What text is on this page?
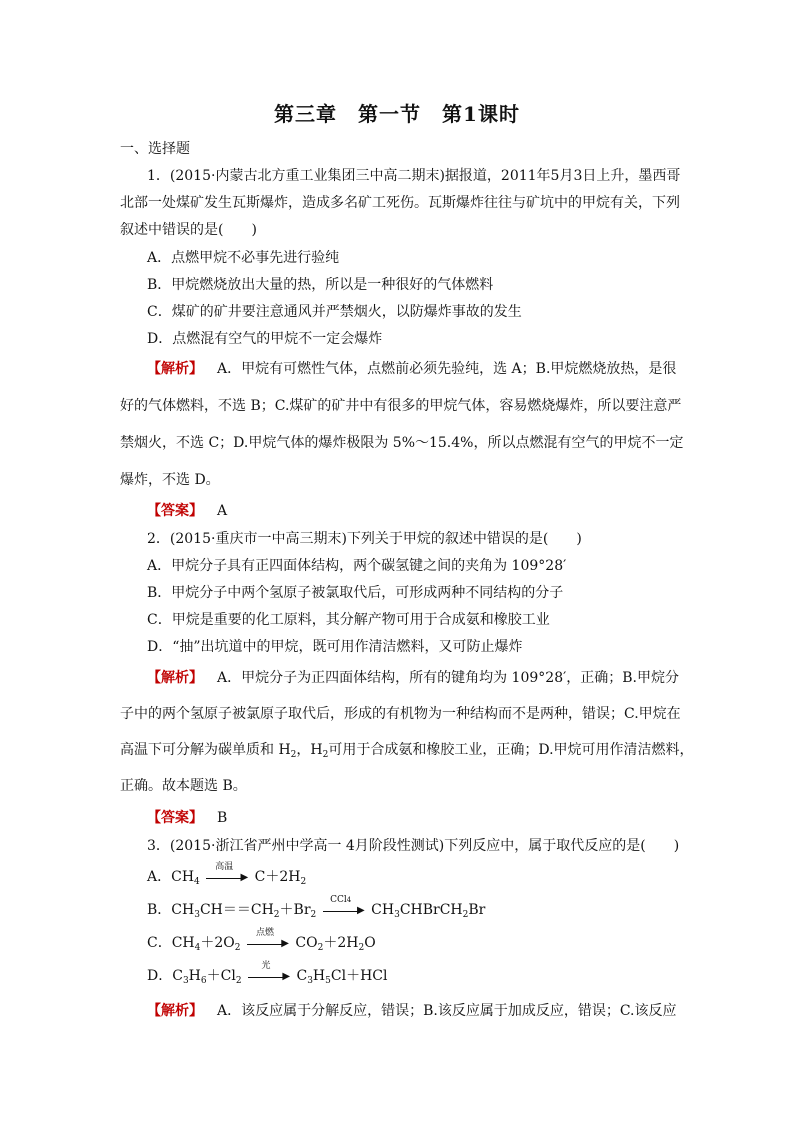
第三章　第一节　第1课时
一、选择题
1．(2015·内蒙古北方重工业集团三中高二期末)据报道，2011年5月3日上升，墨西哥
北部一处煤矿发生瓦斯爆炸，造成多名矿工死伤。瓦斯爆炸往往与矿坑中的甲烷有关，下列
叙述中错误的是(　　)
A．点燃甲烷不必事先进行验纯
B．甲烷燃烧放出大量的热，所以是一种很好的气体燃料
C．煤矿的矿井要注意通风并严禁烟火，以防爆炸事故的发生
D．点燃混有空气的甲烷不一定会爆炸
【解析】 A．甲烷有可燃性气体，点燃前必须先验纯，选 A；B.甲烷燃烧放热，是很
好的气体燃料，不选 B；C.煤矿的矿井中有很多的甲烷气体，容易燃烧爆炸，所以要注意严
禁烟火，不选 C；D.甲烷气体的爆炸极限为 5%～15.4%，所以点燃混有空气的甲烷不一定
爆炸，不选 D。
【答案】 A
2．(2015·重庆市一中高三期末)下列关于甲烷的叙述中错误的是(　　)
A．甲烷分子具有正四面体结构，两个碳氢键之间的夹角为 109°28′
B．甲烷分子中两个氢原子被氯取代后，可形成两种不同结构的分子
C．甲烷是重要的化工原料，其分解产物可用于合成氨和橡胶工业
D．“抽”出坑道中的甲烷，既可用作清洁燃料，又可防止爆炸
【解析】 A．甲烷分子为正四面体结构，所有的键角均为 109°28′，正确；B.甲烷分
子中的两个氢原子被氯原子取代后，形成的有机物为一种结构而不是两种，错误；C.甲烷在
高温下可分解为碳单质和 $H_2$，$H_2$可用于合成氨和橡胶工业，正确；D.甲烷可用作清洁燃料，
正确。故本题选 B。
【答案】 B
3．(2015·浙江省严州中学高一 4月阶段性测试)下列反应中，属于取代反应的是(　　)
A．$CH_4$
高温
▶ $C+2H_2$
B．$CH_3CH==CH_2+Br_2$
CCl4
▶ $CH_3CHBrCH_2Br$
C．$CH_4+2O_2$
点燃
▶ $CO_2+2H_2O$
D．$C_3H_6+Cl_2$
光
▶ $C_3H_5Cl+HCl$
【解析】 A．该反应属于分解反应，错误；B.该反应属于加成反应，错误；C.该反应
